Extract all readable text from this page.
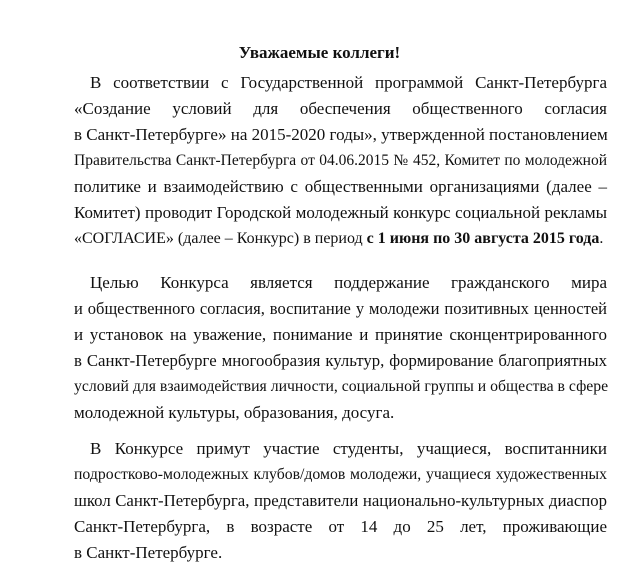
Уважаемые коллеги!
В соответствии с Государственной программой Санкт-Петербурга
«Создание условий для обеспечения общественного согласия
в Санкт-Петербурге» на 2015-2020 годы», утвержденной постановлением
Правительства Санкт-Петербурга от 04.06.2015 № 452, Комитет по молодежной
политике и взаимодействию с общественными организациями (далее –
Комитет) проводит Городской молодежный конкурс социальной рекламы
«СОГЛАСИЕ» (далее – Конкурс) в период с 1 июня по 30 августа 2015 года.
Целью Конкурса является поддержание гражданского мира
и общественного согласия, воспитание у молодежи позитивных ценностей
и установок на уважение, понимание и принятие сконцентрированного
в Санкт-Петербурге многообразия культур, формирование благоприятных
условий для взаимодействия личности, социальной группы и общества в сфере
молодежной культуры, образования, досуга.
В Конкурсе примут участие студенты, учащиеся, воспитанники
подростково-молодежных клубов/домов молодежи, учащиеся художественных
школ Санкт-Петербурга, представители национально-культурных диаспор
Санкт-Петербурга, в возрасте от 14 до 25 лет, проживающие
в Санкт-Петербурге.
